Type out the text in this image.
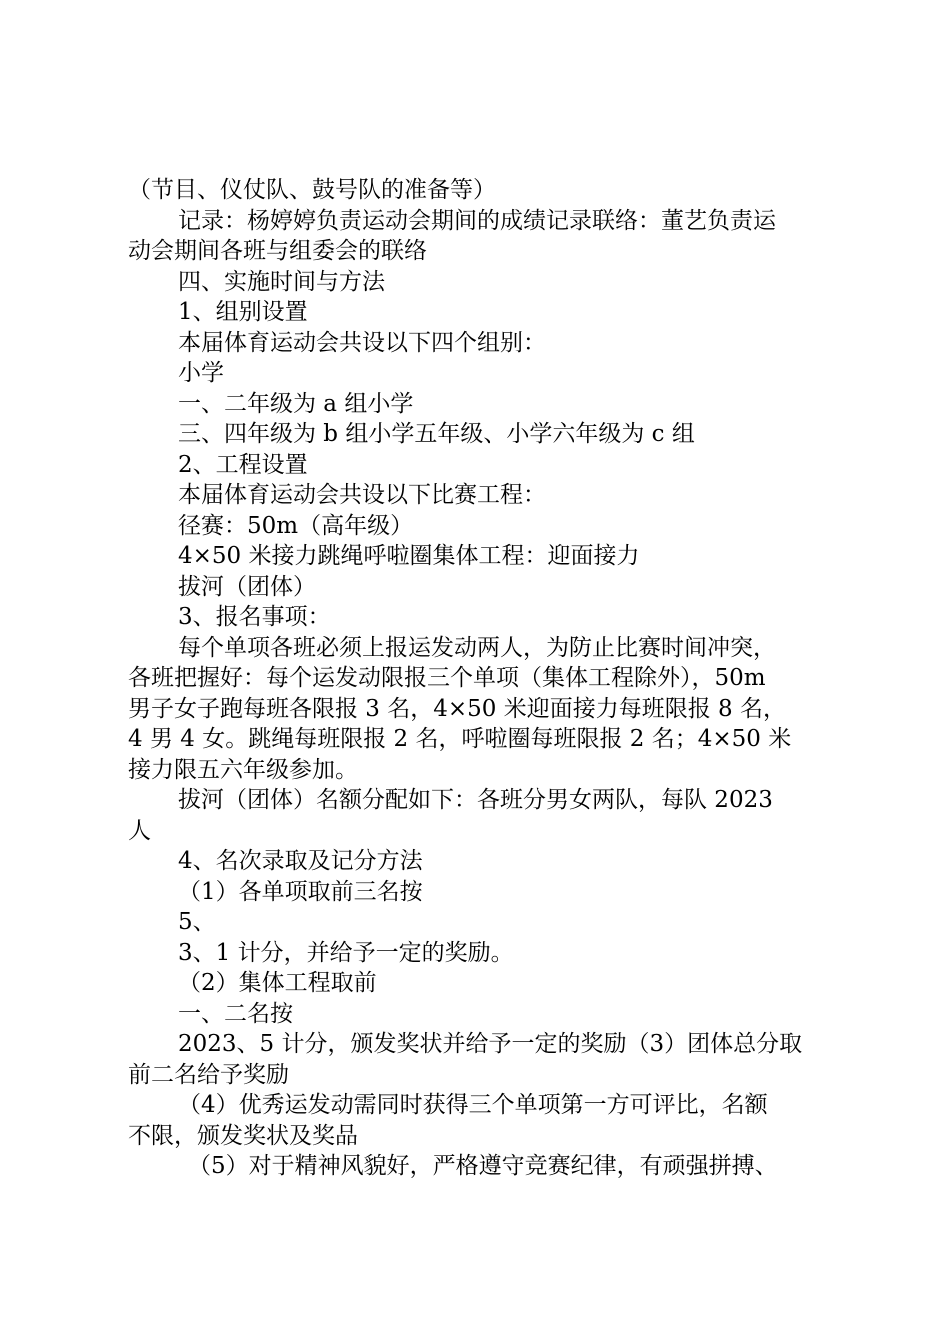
（节目、仪仗队、鼓号队的准备等）
记录：杨婷婷负责运动会期间的成绩记录联络：董艺负责运
动会期间各班与组委会的联络
四、实施时间与方法
1、组别设置
本届体育运动会共设以下四个组别：
小学
一、二年级为 a 组小学
三、四年级为 b 组小学五年级、小学六年级为 c 组
2、工程设置
本届体育运动会共设以下比赛工程：
径赛：50m（高年级）
4×50 米接力跳绳呼啦圈集体工程：迎面接力
拔河（团体）
3、报名事项：
每个单项各班必须上报运发动两人，为防止比赛时间冲突，
各班把握好：每个运发动限报三个单项（集体工程除外），50m
男子女子跑每班各限报 3 名，4×50 米迎面接力每班限报 8 名，
4 男 4 女。跳绳每班限报 2 名，呼啦圈每班限报 2 名；4×50 米
接力限五六年级参加。
拔河（团体）名额分配如下：各班分男女两队，每队 2023
人
4、名次录取及记分方法
（1）各单项取前三名按
5、
3、1 计分，并给予一定的奖励。
（2）集体工程取前
一、二名按
2023、5 计分，颁发奖状并给予一定的奖励（3）团体总分取
前二名给予奖励
（4）优秀运发动需同时获得三个单项第一方可评比，名额
不限，颁发奖状及奖品
（5）对于精神风貌好，严格遵守竞赛纪律，有顽强拼搏、
